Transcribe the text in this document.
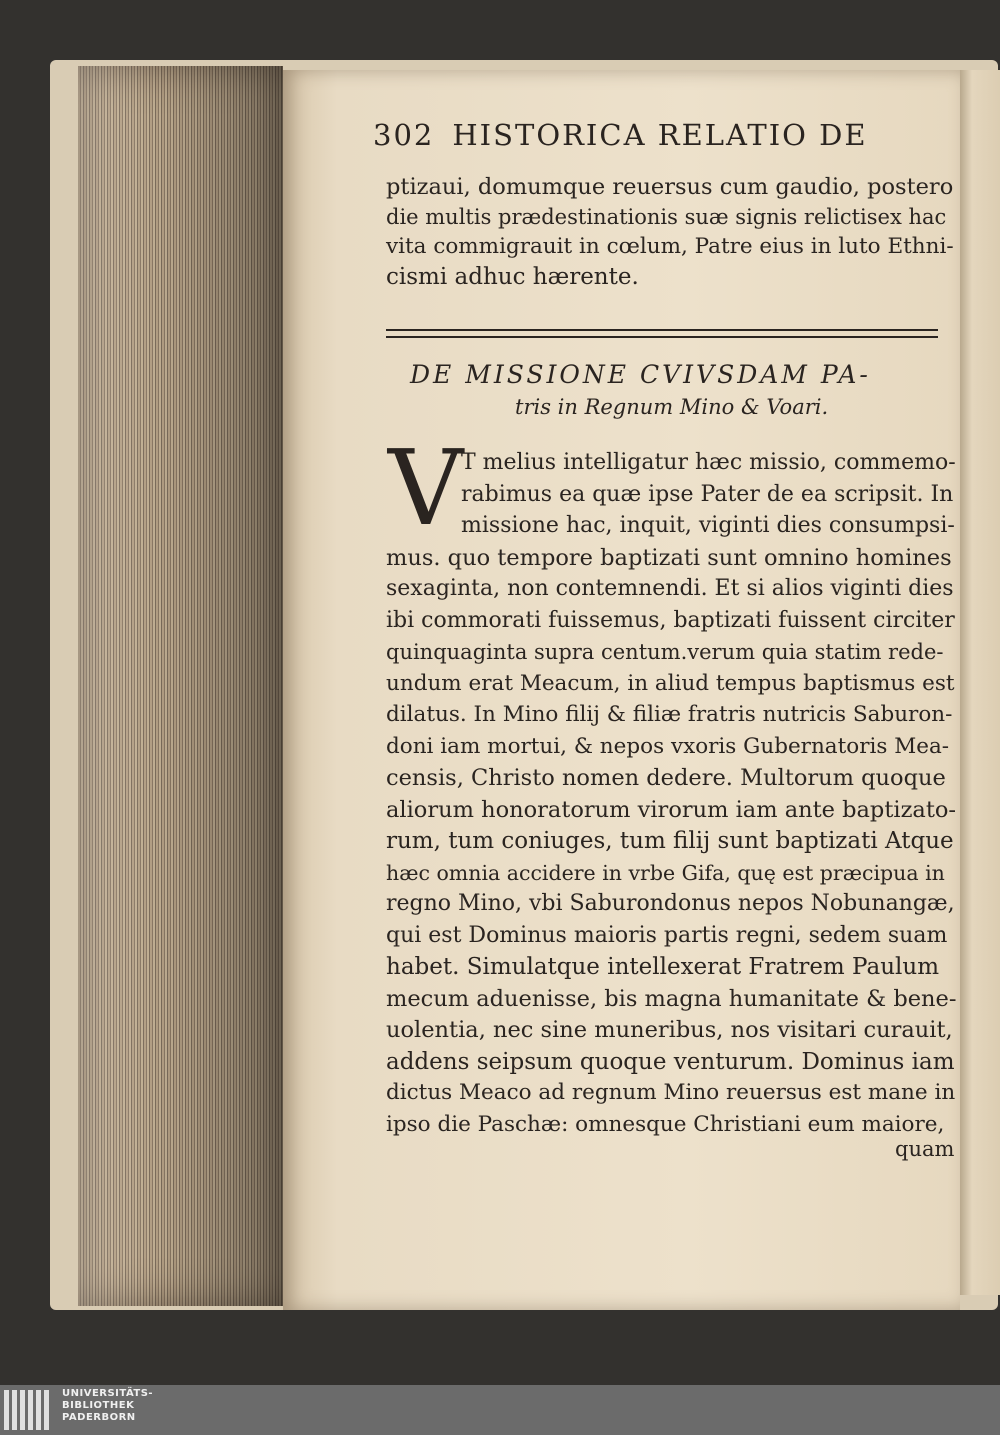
302 HISTORICA RELATIO DE
ptizaui, domumque reuersus cum gaudio, postero
die multis prædestinationis suæ signis relictisex hac
vita commigrauit in cœlum, Patre eius in luto Ethni-
cismi adhuc hærente.
DE MISSIONE CVIVSDAM PA-
tris in Regnum Mino & Voari.
V
T melius intelligatur hæc missio, commemo-
rabimus ea quæ ipse Pater de ea scripsit. In
missione hac, inquit, viginti dies consumpsi-
mus. quo tempore baptizati sunt omnino homines
sexaginta, non contemnendi. Et si alios viginti dies
ibi commorati fuissemus, baptizati fuissent circiter
quinquaginta supra centum.verum quia statim rede-
undum erat Meacum, in aliud tempus baptismus est
dilatus. In Mino filij & filiæ fratris nutricis Saburon-
doni iam mortui, & nepos vxoris Gubernatoris Mea-
censis, Christo nomen dedere. Multorum quoque
aliorum honoratorum virorum iam ante baptizato-
rum, tum coniuges, tum filij sunt baptizati Atque
hæc omnia accidere in vrbe Gifa, quę est præcipua in
regno Mino, vbi Saburondonus nepos Nobunangæ,
qui est Dominus maioris partis regni, sedem suam
habet. Simulatque intellexerat Fratrem Paulum
mecum aduenisse, bis magna humanitate & bene-
uolentia, nec sine muneribus, nos visitari curauit,
addens seipsum quoque venturum. Dominus iam
dictus Meaco ad regnum Mino reuersus est mane in
ipso die Paschæ: omnesque Christiani eum maiore,
quam
UNIVERSITÄTS-
BIBLIOTHEK
PADERBORN
